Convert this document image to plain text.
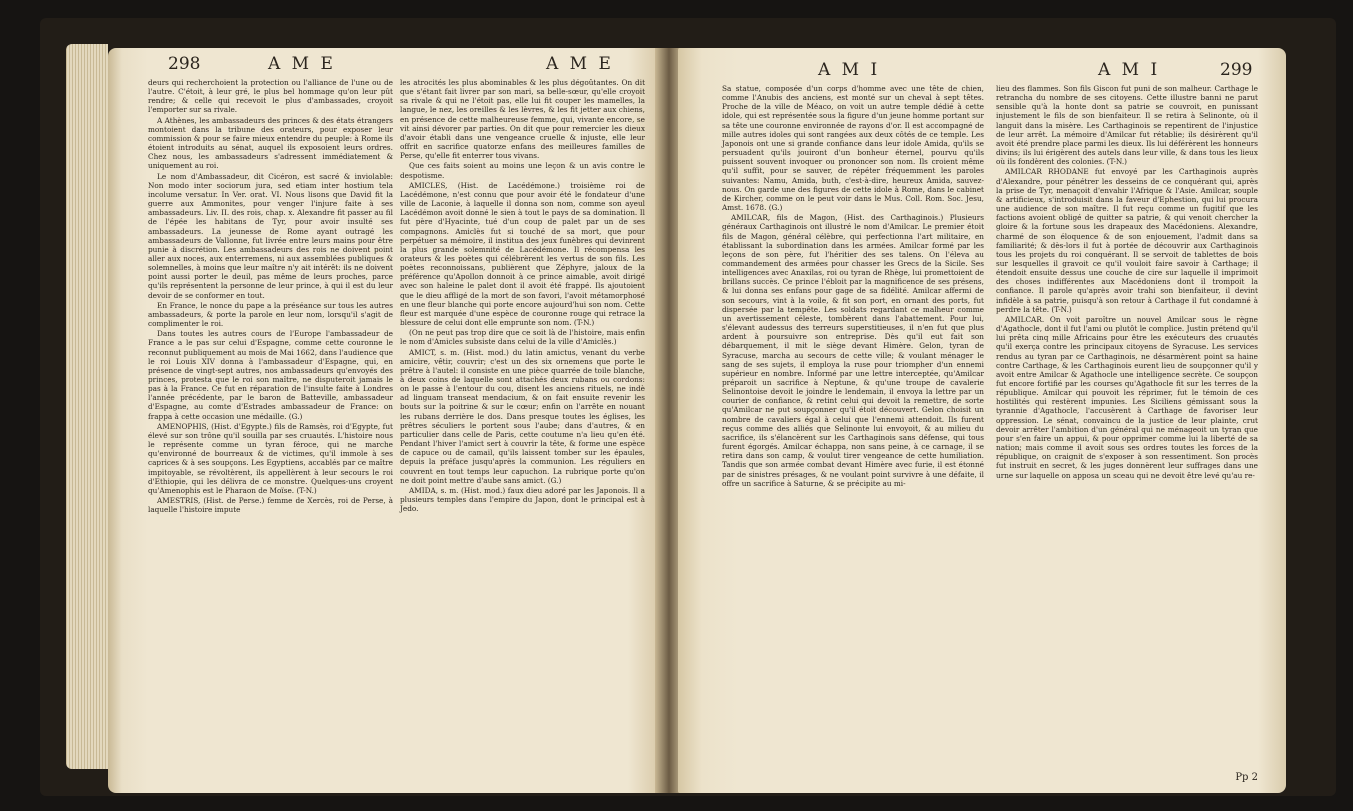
298	A M E	A M E

deurs qui recherchoient la protection ou l'alliance de l'une ou de l'autre. C'étoit, à leur gré, le plus bel hommage qu'on leur pût rendre; & celle qui recevoit le plus d'ambassades, croyoit l'emporter sur sa rivale.

A Athènes, les ambassadeurs des princes & des états étrangers montoient dans la tribune des orateurs, pour exposer leur commission & pour se faire mieux entendre du peuple: à Rome ils étoient introduits au sénat, auquel ils exposoient leurs ordres. Chez nous, les ambassadeurs s'adressent immédiatement & uniquement au roi.

Le nom d'Ambassadeur, dit Cicéron, est sacré & inviolable: Non modo inter sociorum jura, sed etiam inter hostium tela incolume versatur. In Ver. orat. VI. Nous lisons que David fit la guerre aux Ammonites, pour venger l'injure faite à ses ambassadeurs. Liv. II. des rois, chap. x. Alexandre fit passer au fil de l'épée les habitans de Tyr, pour avoir insulté ses ambassadeurs. La jeunesse de Rome ayant outragé les ambassadeurs de Vallonne, fut livrée entre leurs mains pour être punie à discrétion. Les ambassadeurs des rois ne doivent point aller aux noces, aux enterremens, ni aux assemblées publiques & solemnelles, à moins que leur maître n'y ait intérêt: ils ne doivent point aussi porter le deuil, pas même de leurs proches, parce qu'ils représentent la personne de leur prince, à qui il est du leur devoir de se conformer en tout.

En France, le nonce du pape a la préséance sur tous les autres ambassadeurs, & porte la parole en leur nom, lorsqu'il s'agit de complimenter le roi.

Dans toutes les autres cours de l'Europe l'ambassadeur de France a le pas sur celui d'Espagne, comme cette couronne le reconnut publiquement au mois de Mai 1662, dans l'audience que le roi Louis XIV donna à l'ambassadeur d'Espagne, qui, en présence de vingt-sept autres, nos ambassadeurs qu'envoyés des princes, protesta que le roi son maître, ne disputeroit jamais le pas à la France. Ce fut en réparation de l'insulte faite à Londres l'année précédente, par le baron de Batteville, ambassadeur d'Espagne, au comte d'Estrades ambassadeur de France: on frappa à cette occasion une médaille. (G.)

AMENOPHIS, (Hist. d'Egypte.) fils de Ramsès, roi d'Egypte, fut élevé sur son trône qu'il souilla par ses cruautés. L'histoire nous le représente comme un tyran féroce, qui ne marche qu'environné de bourreaux & de victimes, qu'il immole à ses caprices & à ses soupçons. Les Egyptiens, accablés par ce maître impitoyable, se révoltèrent, ils appellèrent à leur secours le roi d'Ethiopie, qui les délivra de ce monstre. Quelques-uns croyent qu'Amenophis est le Pharaon de Moïse. (T-N.)

AMESTRIS, (Hist. de Perse.) femme de Xercès, roi de Perse, à laquelle l'histoire impute

les atrocités les plus abominables & les plus dégoûtantes. On dit que s'étant fait livrer par son mari, sa belle-sœur, qu'elle croyoit sa rivale & qui ne l'étoit pas, elle lui fit couper les mamelles, la langue, le nez, les oreilles & les lèvres, & les fit jetter aux chiens, en présence de cette malheureuse femme, qui, vivante encore, se vit ainsi dévorer par parties. On dit que pour remercier les dieux d'avoir établi dans une vengeance cruelle & injuste, elle leur offrit en sacrifice quatorze enfans des meilleures familles de Perse, qu'elle fit enterrer tous vivans.

Que ces faits soient au moins une leçon & un avis contre le despotisme.

AMICLES, (Hist. de Lacédémone.) troisième roi de Lacédémone, n'est connu que pour avoir été le fondateur d'une ville de Laconie, à laquelle il donna son nom, comme son ayeul Lacédémon avoit donné le sien à tout le pays de sa domination. Il fut père d'Hyacinte, tué d'un coup de palet par un de ses compagnons. Amiclès fut si touché de sa mort, que pour perpétuer sa mémoire, il institua des jeux funèbres qui devinrent la plus grande solemnité de Lacédémone. Il récompensa les orateurs & les poètes qui célébrèrent les vertus de son fils. Les poètes reconnoissans, publièrent que Zéphyre, jaloux de la préférence qu'Apollon donnoit à ce prince aimable, avoit dirigé avec son haleine le palet dont il avoit été frappé. Ils ajoutoient que le dieu affligé de la mort de son favori, l'avoit métamorphosé en une fleur blanche qui porte encore aujourd'hui son nom. Cette fleur est marquée d'une espèce de couronne rouge qui retrace la blessure de celui dont elle emprunte son nom. (T-N.)

(On ne peut pas trop dire que ce soit là de l'histoire, mais enfin le nom d'Amicles subsiste dans celui de la ville d'Amiclès.)

AMICT, s. m. (Hist. mod.) du latin amictus, venant du verbe amicire, vêtir, couvrir; c'est un des six ornemens que porte le prêtre à l'autel: il consiste en une pièce quarrée de toile blanche, à deux coins de laquelle sont attachés deux rubans ou cordons: on le passe à l'entour du cou, disent les anciens rituels, ne indè ad linguam transeat mendacium, & on fait ensuite revenir les bouts sur la poitrine & sur le cœur; enfin on l'arrête en nouant les rubans derrière le dos. Dans presque toutes les églises, les prêtres séculiers le portent sous l'aube; dans d'autres, & en particulier dans celle de Paris, cette coutume n'a lieu qu'en été. Pendant l'hiver l'amict sert à couvrir la tête, & forme une espèce de capuce ou de camail, qu'ils laissent tomber sur les épaules, depuis la préface jusqu'après la communion. Les réguliers en couvrent en tout temps leur capuchon. La rubrique porte qu'on ne doit point mettre d'aube sans amict. (G.)

AMIDA, s. m. (Hist. mod.) faux dieu adoré par les Japonois. Il a plusieurs temples dans l'empire du Japon, dont le principal est à Jedo.

A M I	A M I	299

Sa statue, composée d'un corps d'homme avec une tête de chien, comme l'Anubis des anciens, est monté sur un cheval à sept têtes. Proche de la ville de Méaco, on voit un autre temple dédié à cette idole, qui est représentée sous la figure d'un jeune homme portant sur sa tête une couronne environnée de rayons d'or. Il est accompagné de mille autres idoles qui sont rangées aux deux côtés de ce temple. Les Japonois ont une si grande confiance dans leur idole Amida, qu'ils se persuadent qu'ils jouiront d'un bonheur éternel, pourvu qu'ils puissent souvent invoquer ou prononcer son nom. Ils croient même qu'il suffit, pour se sauver, de répéter fréquemment les paroles suivantes: Namu, Amida, buth, c'est-à-dire, heureux Amida, sauvez-nous. On garde une des figures de cette idole à Rome, dans le cabinet de Kircher, comme on le peut voir dans le Mus. Coll. Rom. Soc. Jesu, Amst. 1678. (G.)

AMILCAR, fils de Magon, (Hist. des Carthaginois.) Plusieurs généraux Carthaginois ont illustré le nom d'Amilcar. Le premier étoit fils de Magon, général célèbre, qui perfectionna l'art militaire, en établissant la subordination dans les armées. Amilcar formé par les leçons de son père, fut l'héritier des ses talens. On l'éleva au commandement des armées pour chasser les Grecs de la Sicile. Ses intelligences avec Anaxilas, roi ou tyran de Rhège, lui promettoient de brillans succès. Ce prince l'ébloit par la magnificence de ses présens, & lui donna ses enfans pour gage de sa fidélité. Amilcar affermi de son secours, vint à la voile, & fit son port, en ornant des ports, fut dispersée par la tempête. Les soldats regardant ce malheur comme un avertissement céleste, tombèrent dans l'abattement. Pour lui, s'élevant audessus des terreurs superstitieuses, il n'en fut que plus ardent à poursuivre son entreprise. Dès qu'il eut fait son débarquement, il mit le siège devant Himère. Gelon, tyran de Syracuse, marcha au secours de cette ville; & voulant ménager le sang de ses sujets, il employa la ruse pour triompher d'un ennemi supérieur en nombre. Informé par une lettre interceptée, qu'Amilcar préparoit un sacrifice à Neptune, & qu'une troupe de cavalerie Selinontoise devoit le joindre le lendemain, il envoya la lettre par un courier de confiance, & retint celui qui devoit la remettre, de sorte qu'Amilcar ne put soupçonner qu'il étoit découvert. Gelon choisit un nombre de cavaliers égal à celui que l'ennemi attendoit. Ils furent reçus comme des alliés que Selinonte lui envoyoit, & au milieu du sacrifice, ils s'élancèrent sur les Carthaginois sans défense, qui tous furent égorgés. Amilcar échappa, non sans peine, à ce carnage, il se retira dans son camp, & voulut tirer vengeance de cette humiliation. Tandis que son armée combat devant Himère avec furie, il est étonné par de sinistres présages, & ne voulant point survivre à une défaite, il offre un sacrifice à Saturne, & se précipite au mi-

lieu des flammes. Son fils Giscon fut puni de son malheur. Carthage le retrancha du nombre de ses citoyens. Cette illustre banni ne parut sensible qu'à la honte dont sa patrie se couvroit, en punissant injustement le fils de son bienfaiteur. Il se retira à Selinonte, où il languit dans la misère. Les Carthaginois se repentirent de l'injustice de leur arrêt. La mémoire d'Amilcar fut rétablie; ils désirèrent qu'il avoit été prendre place parmi les dieux. Ils lui déférèrent les honneurs divins; ils lui érigèrent des autels dans leur ville, & dans tous les lieux où ils fondèrent des colonies. (T-N.)

AMILCAR RHODANE fut envoyé par les Carthaginois auprès d'Alexandre, pour pénétrer les desseins de ce conquérant qui, après la prise de Tyr, menaçoit d'envahir l'Afrique & l'Asie. Amilcar, souple & artificieux, s'introduisit dans la faveur d'Ephestion, qui lui procura une audience de son maître. Il fut reçu comme un fugitif que les factions avoient obligé de quitter sa patrie, & qui venoit chercher la gloire & la fortune sous les drapeaux des Macédoniens. Alexandre, charmé de son éloquence & de son enjouement, l'admit dans sa familiarité; & dès-lors il fut à portée de découvrir aux Carthaginois tous les projets du roi conquérant. Il se servoit de tablettes de bois sur lesquelles il gravoit ce qu'il vouloit faire savoir à Carthage; il étendoit ensuite dessus une couche de cire sur laquelle il imprimoit des choses indifférentes aux Macédoniens dont il trompoit la confiance. Il parole qu'après avoir trahi son bienfaiteur, il devint infidèle à sa patrie, puisqu'à son retour à Carthage il fut condamné à perdre la tête. (T-N.)

AMILCAR. On voit paroître un nouvel Amilcar sous le règne d'Agathocle, dont il fut l'ami ou plutôt le complice. Justin prétend qu'il lui prêta cinq mille Africains pour être les exécuteurs des cruautés qu'il exerça contre les principaux citoyens de Syracuse. Les services rendus au tyran par ce Carthaginois, ne désarmèrent point sa haine contre Carthage, & les Carthaginois eurent lieu de soupçonner qu'il y avoit entre Amilcar & Agathocle une intelligence secrète. Ce soupçon fut encore fortifié par les courses qu'Agathocle fit sur les terres de la république. Amilcar qui pouvoit les réprimer, fut le témoin de ces hostilités qui restèrent impunies. Les Siciliens gémissant sous la tyrannie d'Agathocle, l'accusèrent à Carthage de favoriser leur oppression. Le sénat, convaincu de la justice de leur plainte, crut devoir arrêter l'ambition d'un général qui ne ménageoit un tyran que pour s'en faire un appui, & pour opprimer comme lui la liberté de sa nation; mais comme il avoit sous ses ordres toutes les forces de la république, on craignit de s'exposer à son ressentiment. Son procès fut instruit en secret, & les juges donnèrent leur suffrages dans une urne sur laquelle on apposa un sceau qui ne devoit être levé qu'au re-

Pp 2
